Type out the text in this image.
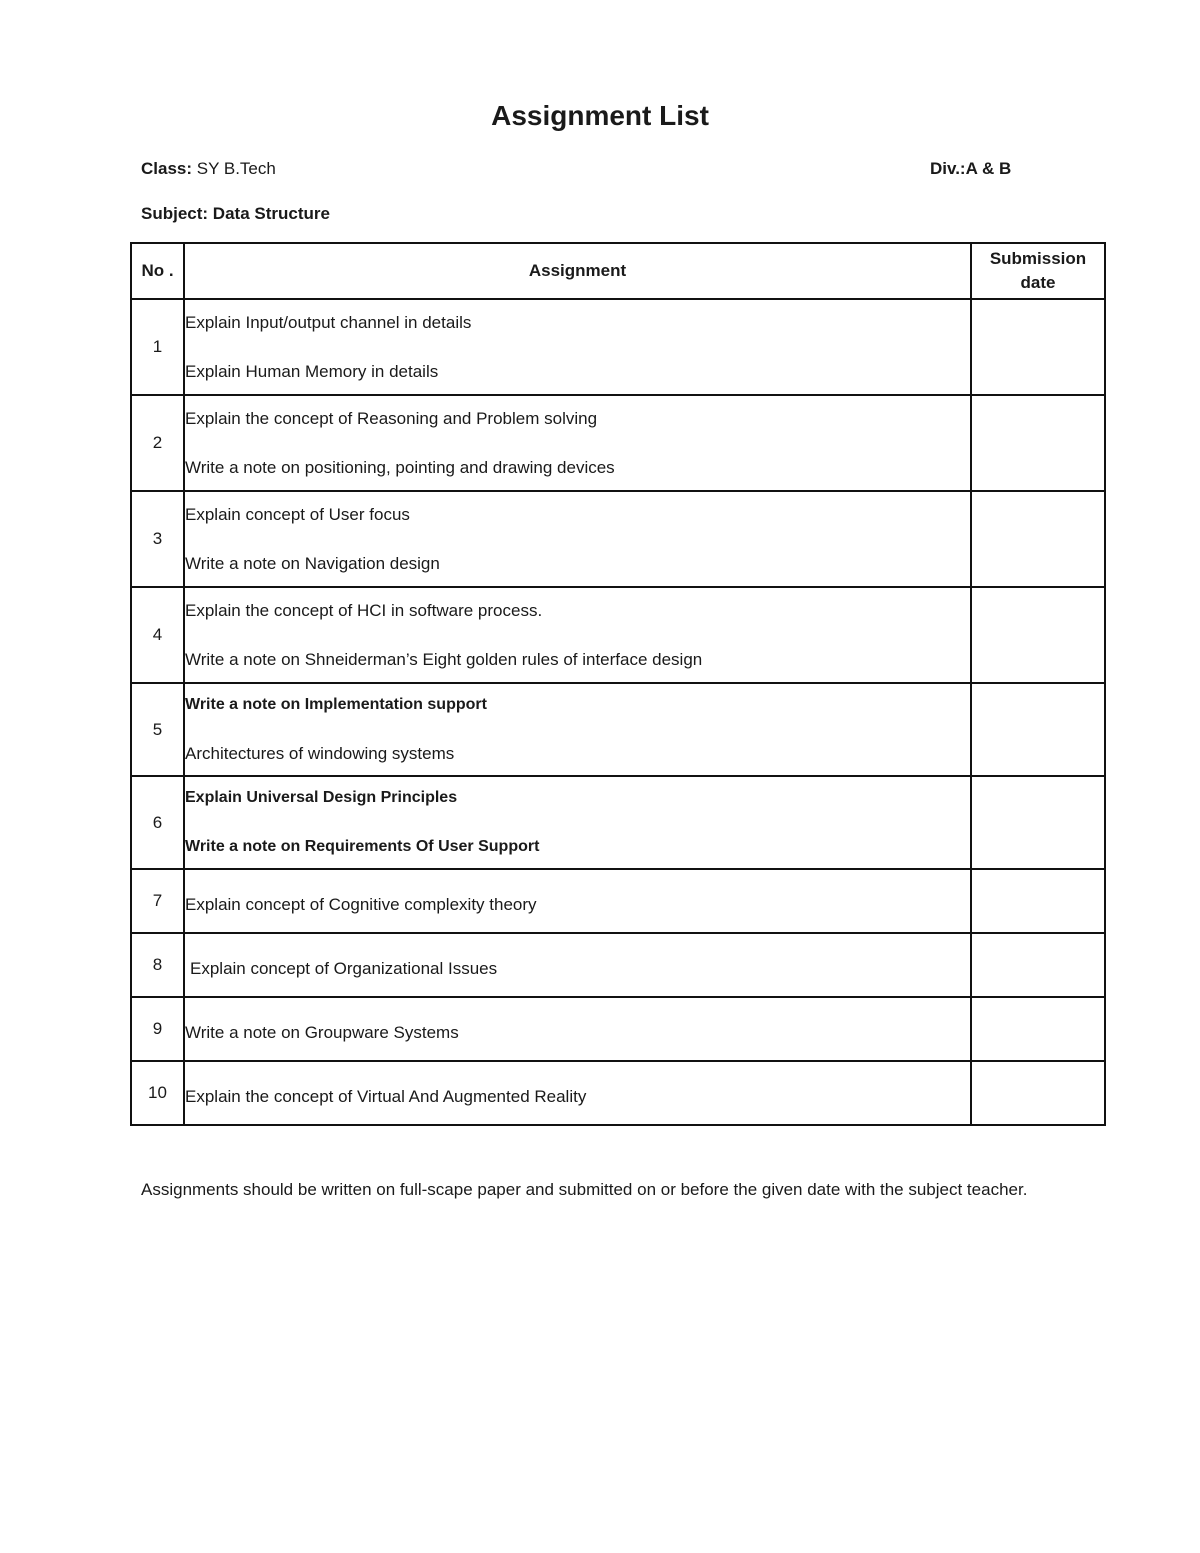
Assignment List
Class: SY B.Tech	Div.:A & B
Subject: Data Structure
No .	Assignment	Submission date
1	Explain Input/output channel in details
Explain Human Memory in details	

2	Explain the concept of Reasoning and Problem solving
Write a note on positioning, pointing and drawing devices	

3	Explain concept of User focus
Write a note on Navigation design	

4	Explain the concept of HCI in software process.
Write a note on Shneiderman’s Eight golden rules of interface design	

5	Write a note on Implementation support
Architectures of windowing systems	

6	Explain Universal Design Principles
Write a note on Requirements Of User Support	

7	Explain concept of Cognitive complexity theory	

8	Explain concept of Organizational Issues	

9	Write a note on Groupware Systems	

10	Explain the concept of Virtual And Augmented Reality	

Assignments should be written on full-scape paper and submitted on or before the given date with the subject teacher.
